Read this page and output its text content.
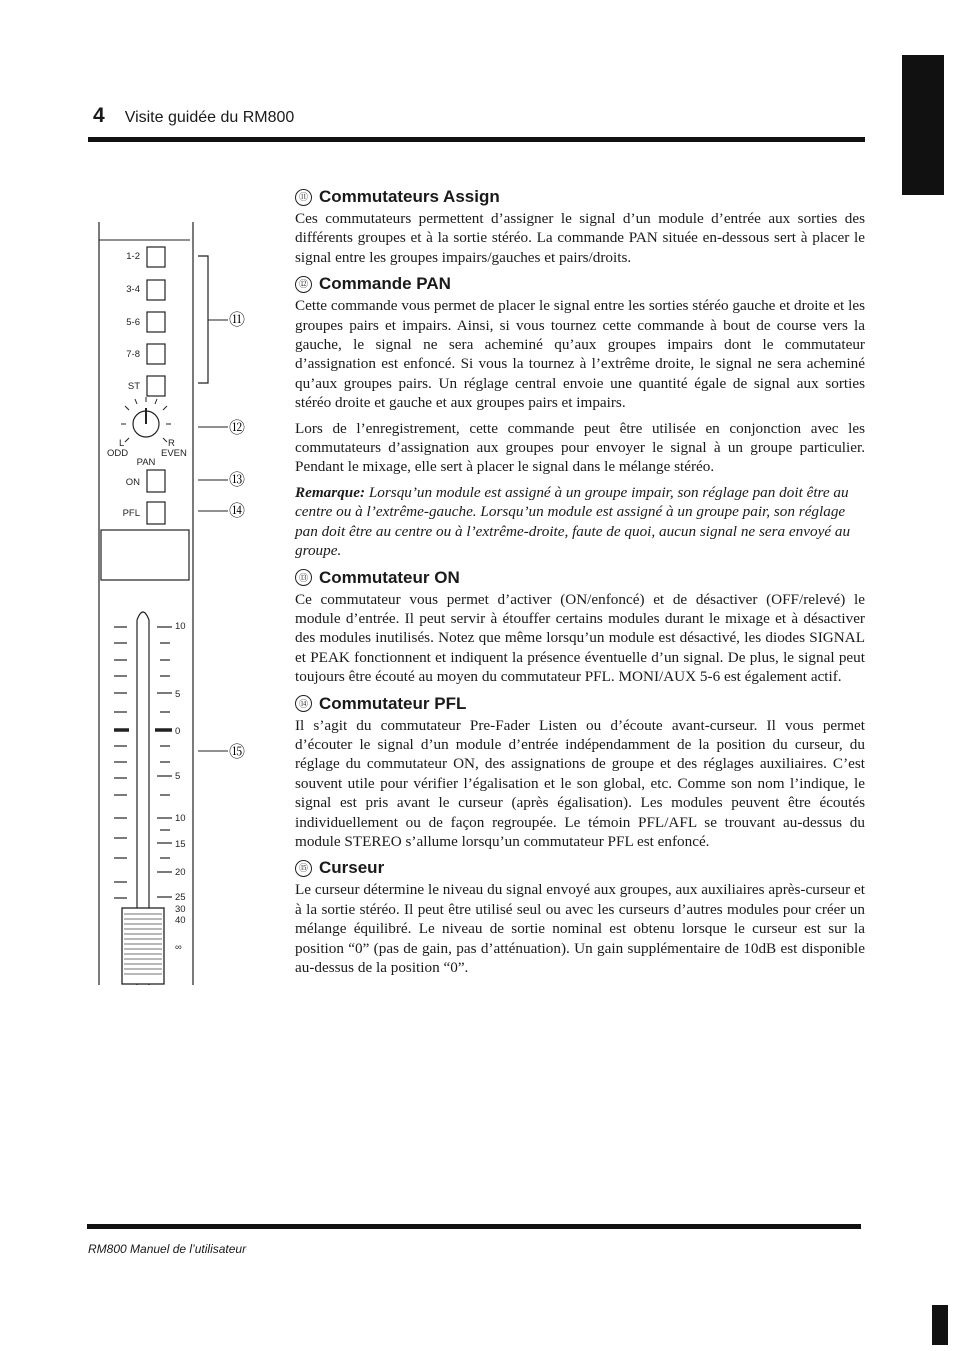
4 Visite guidée du RM800
1-2
3-4
5-6
7-8
ST
⑪
L	R
ODD	EVEN
PAN
⑫
ON	⑬
PFL	⑭
10
5
0
5
10
15
20
25
30
40
∞
⑮
⑪ Commutateurs Assign

Ces commutateurs permettent d’assigner le signal d’un module d’entrée aux sorties des différents groupes et à la sortie stéréo. La commande PAN située en-dessous sert à placer le signal entre les groupes impairs/gauches et pairs/droits.

⑫ Commande PAN

Cette commande vous permet de placer le signal entre les sorties stéréo gauche et droite et les groupes pairs et impairs. Ainsi, si vous tournez cette commande à bout de course vers la gauche, le signal ne sera acheminé qu’aux groupes impairs dont le commutateur d’assignation est enfoncé. Si vous la tournez à l’extrême droite, le signal ne sera acheminé qu’aux groupes pairs. Un réglage central envoie une quantité égale de signal aux sorties stéréo droite et gauche et aux groupes pairs et impairs.

Lors de l’enregistrement, cette commande peut être utilisée en conjonction avec les commutateurs d’assignation aux groupes pour envoyer le signal à un groupe particulier. Pendant le mixage, elle sert à placer le signal dans le mélange stéréo.

Remarque: Lorsqu’un module est assigné à un groupe impair, son réglage pan doit être au centre ou à l’extrême-gauche. Lorsqu’un module est assigné à un groupe pair, son réglage pan doit être au centre ou à l’extrême-droite, faute de quoi, aucun signal ne sera envoyé au groupe.

⑬ Commutateur ON

Ce commutateur vous permet d’activer (ON/enfoncé) et de désactiver (OFF/relevé) le module d’entrée. Il peut servir à étouffer certains modules durant le mixage et à désactiver des modules inutilisés. Notez que même lorsqu’un module est désactivé, les diodes SIGNAL et PEAK fonctionnent et indiquent la présence éventuelle d’un signal. De plus, le signal peut toujours être écouté au moyen du commutateur PFL. MONI/AUX 5-6 est également actif.

⑭ Commutateur PFL

Il s’agit du commutateur Pre-Fader Listen ou d’écoute avant-curseur. Il vous permet d’écouter le signal d’un module d’entrée indépendamment de la position du curseur, du réglage du commutateur ON, des assignations de groupe et des réglages auxiliaires. C’est souvent utile pour vérifier l’égalisation et le son global, etc. Comme son nom l’indique, le signal est pris avant le curseur (après égalisation). Les modules peuvent être écoutés individuellement ou de façon regroupée. Le témoin PFL/AFL se trouvant au-dessus du module STEREO s’allume lorsqu’un commutateur PFL est enfoncé.

⑮ Curseur

Le curseur détermine le niveau du signal envoyé aux groupes, aux auxiliaires après-curseur et à la sortie stéréo. Il peut être utilisé seul ou avec les curseurs d’autres modules pour créer un mélange équilibré. Le niveau de sortie nominal est obtenu lorsque le curseur est sur la position “0” (pas de gain, pas d’atténuation). Un gain supplémentaire de 10dB est disponible au-dessus de la position “0”.

RM800 Manuel de l’utilisateur
